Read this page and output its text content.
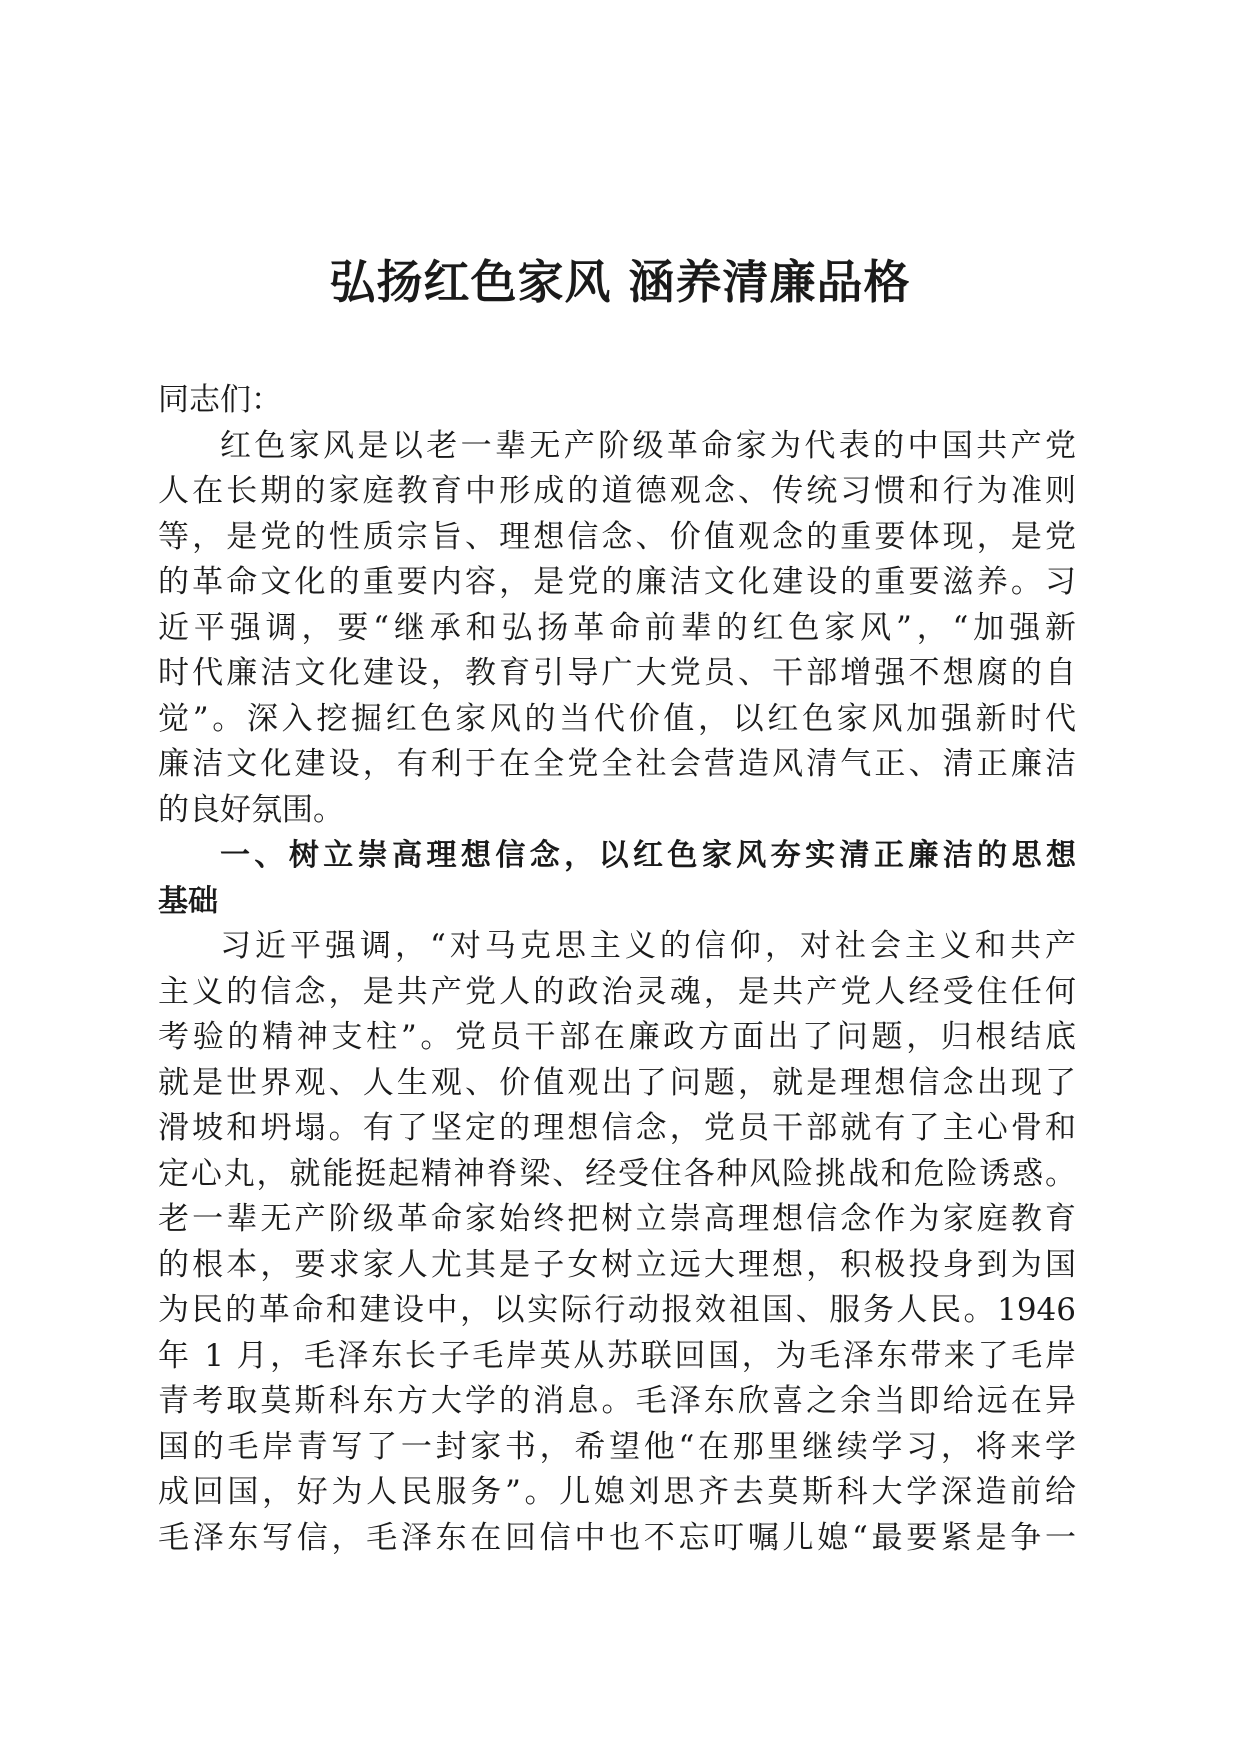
弘扬红色家风 涵养清廉品格
同志们：
红色家风是以老一辈无产阶级革命家为代表的中国共产党
人在长期的家庭教育中形成的道德观念、传统习惯和行为准则
等，是党的性质宗旨、理想信念、价值观念的重要体现，是党
的革命文化的重要内容，是党的廉洁文化建设的重要滋养。习
近平强调，要“继承和弘扬革命前辈的红色家风”，“加强新
时代廉洁文化建设，教育引导广大党员、干部增强不想腐的自
觉”。深入挖掘红色家风的当代价值，以红色家风加强新时代
廉洁文化建设，有利于在全党全社会营造风清气正、清正廉洁
的良好氛围。
一、树立崇高理想信念，以红色家风夯实清正廉洁的思想
基础
习近平强调，“对马克思主义的信仰，对社会主义和共产
主义的信念，是共产党人的政治灵魂，是共产党人经受住任何
考验的精神支柱”。党员干部在廉政方面出了问题，归根结底
就是世界观、人生观、价值观出了问题，就是理想信念出现了
滑坡和坍塌。有了坚定的理想信念，党员干部就有了主心骨和
定心丸，就能挺起精神脊梁、经受住各种风险挑战和危险诱惑。
老一辈无产阶级革命家始终把树立崇高理想信念作为家庭教育
的根本，要求家人尤其是子女树立远大理想，积极投身到为国
为民的革命和建设中，以实际行动报效祖国、服务人民。1946
年 1 月，毛泽东长子毛岸英从苏联回国，为毛泽东带来了毛岸
青考取莫斯科东方大学的消息。毛泽东欣喜之余当即给远在异
国的毛岸青写了一封家书，希望他“在那里继续学习，将来学
成回国，好为人民服务”。儿媳刘思齐去莫斯科大学深造前给
毛泽东写信，毛泽东在回信中也不忘叮嘱儿媳“最要紧是争一
